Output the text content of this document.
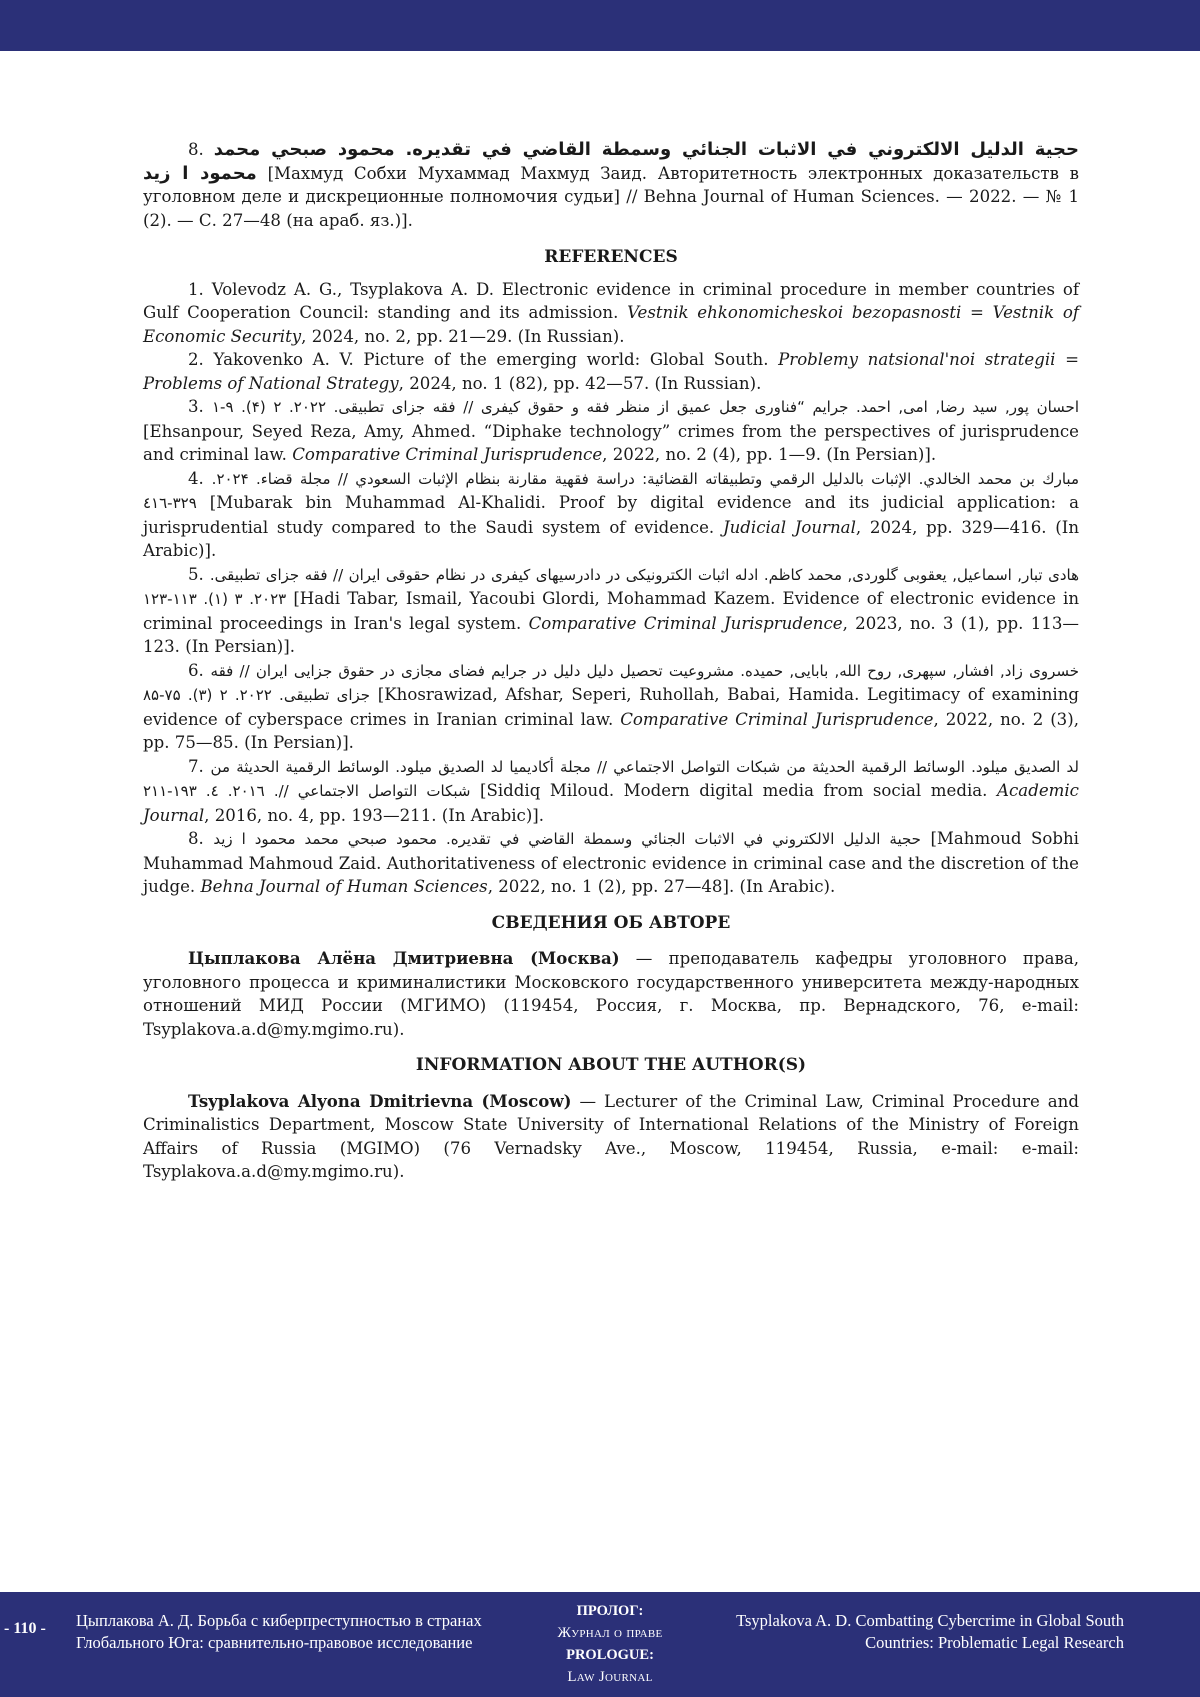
8. حجية الدليل الالكتروني في الاثبات الجنائي وسمطة القاضي في تقديره. محمود صبحي محمد محمود ا زيد [Махмуд Собхи Мухаммад Махмуд Заид. Авторитетность электронных доказательств в уголовном деле и дискреционные полномочия судьи] // Behna Journal of Human Sciences. — 2022. — № 1 (2). — С. 27—48 (на араб. яз.)].

REFERENCES

1. Volevodz A. G., Tsyplakova A. D. Electronic evidence in criminal procedure in member countries of Gulf Cooperation Council: standing and its admission. Vestnik ehkonomicheskoi bezopasnosti = Vestnik of Economic Security, 2024, no. 2, pp. 21—29. (In Russian).

2. Yakovenko A. V. Picture of the emerging world: Global South. Problemy natsional'noi strategii = Problems of National Strategy, 2024, no. 1 (82), pp. 42—57. (In Russian).

3. احسان پور, سید رضا, امی, احمد. جرایم “فناوری جعل عمیق از منظر فقه و حقوق کیفری // فقه جزای تطبیقی. ۲۰۲۲. ۲ (۴). ۹-۱ [Ehsanpour, Seyed Reza, Amy, Ahmed. “Diphake technology” crimes from the perspectives of jurisprudence and criminal law. Comparative Criminal Jurisprudence, 2022, no. 2 (4), pp. 1—9. (In Persian)].

4. مبارك بن محمد الخالدي. الإثبات بالدليل الرقمي وتطبيقاته القضائية: دراسة فقهية مقارنة بنظام الإثبات السعودي // مجلة قضاء. ۲۰۲۴. ۳۲۹-٤١٦ [Mubarak bin Muhammad Al-Khalidi. Proof by digital evidence and its judicial application: a jurisprudential study compared to the Saudi system of evidence. Judicial Journal, 2024, pp. 329—416. (In Arabic)].

5. هادی تبار, اسماعیل, یعقوبی گلوردی, محمد کاظم. ادله اثبات الکترونیکی در دادرسیهای کیفری در نظام حقوقی ایران // فقه جزای تطبیقی. ۲۰۲۳. ۳ (۱). ۱۱۳-۱۲۳ [Hadi Tabar, Ismail, Yacoubi Glordi, Mohammad Kazem. Evidence of electronic evidence in criminal proceedings in Iran's legal system. Comparative Criminal Jurisprudence, 2023, no. 3 (1), pp. 113—123. (In Persian)].

6. خسروی زاد, افشار, سپهری, روح الله, بابایی, حمیده. مشروعیت تحصیل دلیل دلیل در جرایم فضای مجازی در حقوق جزایی ایران // فقه جزای تطبیقی. ۲۰۲۲. ۲ (۳). ۷۵-۸۵ [Khosrawizad, Afshar, Seperi, Ruhollah, Babai, Hamida. Legitimacy of examining evidence of cyberspace crimes in Iranian criminal law. Comparative Criminal Jurisprudence, 2022, no. 2 (3), pp. 75—85. (In Persian)].

7. لد الصديق ميلود. الوسائط الرقمية الحديثة من شبكات التواصل الاجتماعي // مجلة أكاديميا لد الصديق ميلود. الوسائط الرقمية الحديثة من شبكات التواصل الاجتماعي //. ٢٠١٦. ٤. ١٩٣-٢١١ [Siddiq Miloud. Modern digital media from social media. Academic Journal, 2016, no. 4, pp. 193—211. (In Arabic)].

8. حجية الدليل الالكتروني في الاثبات الجنائي وسمطة القاضي في تقديره. محمود صبحي محمد محمود ا زيد [Mahmoud Sobhi Muhammad Mahmoud Zaid. Authoritativeness of electronic evidence in criminal case and the discretion of the judge. Behna Journal of Human Sciences, 2022, no. 1 (2), pp. 27—48]. (In Arabic).

СВЕДЕНИЯ ОБ АВТОРЕ

Цыплакова Алёна Дмитриевна (Москва) — преподаватель кафедры уголовного права, уголовного процесса и криминалистики Московского государственного университета между-народных отношений МИД России (МГИМО) (119454, Россия, г. Москва, пр. Вернадского, 76, e-mail: Tsyplakova.a.d@my.mgimo.ru).

INFORMATION ABOUT THE AUTHOR(S)

Tsyplakova Alyona Dmitrievna (Moscow) — Lecturer of the Criminal Law, Criminal Procedure and Criminalistics Department, Moscow State University of International Relations of the Ministry of Foreign Affairs of Russia (MGIMO) (76 Vernadsky Ave., Moscow, 119454, Russia, e-mail: e-mail: Tsyplakova.a.d@my.mgimo.ru).

- 110 - Цыплакова А. Д. Борьба с киберпреступностью в странах Глобального Юга: сравнительно-правовое исследование
ПРОЛОГ:
Журнал о праве
PROLOGUE:
Law Journal
Tsyplakova A. D. Combatting Cybercrime in Global South Countries: Problematic Legal Research
